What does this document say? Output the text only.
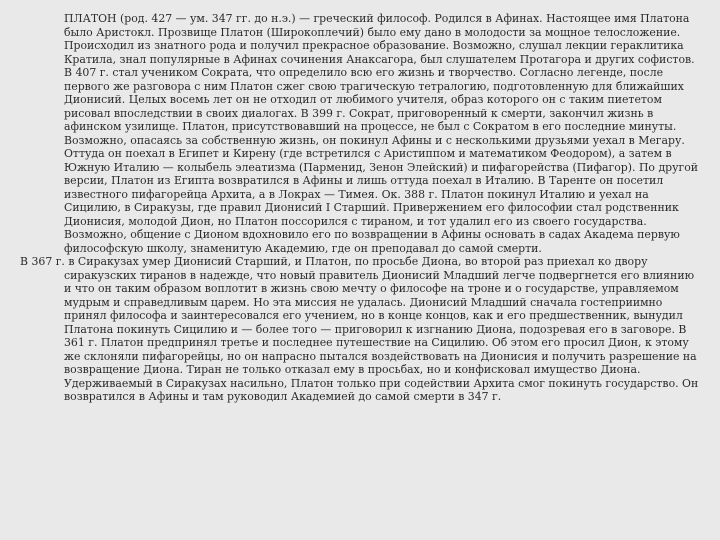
ПЛАТОН (род. 427 — ум. 347 гг. до н.э.) — греческий философ. Родился в Афинах. Настоящее имя Платона было Аристокл. Прозвище Платон (Широкоплечий) было ему дано в молодости за мощное телосложение. Происходил из знатного рода и получил прекрасное образование. Возможно, слушал лекции гераклитика Кратила, знал популярные в Афинах сочинения Анаксагора, был слушателем Протагора и других софистов. В 407 г. стал учеником Сократа, что определило всю его жизнь и творчество. Согласно легенде, после первого же разговора с ним Платон сжег свою трагическую тетралогию, подготовленную для ближайших Дионисий. Целых восемь лет он не отходил от любимого учителя, образ которого он с таким пиететом рисовал впоследствии в своих диалогах. В 399 г. Сократ, приговоренный к смерти, закончил жизнь в афинском узилище. Платон, присутствовавший на процессе, не был с Сократом в его последние минуты. Возможно, опасаясь за собственную жизнь, он покинул Афины и с несколькими друзьями уехал в Мегару. Оттуда он поехал в Египет и Кирену (где встретился с Аристиппом и математиком Феодором), а затем в Южную Италию — колыбель элеатизма (Парменид, Зенон Элейский) и пифагорейства (Пифагор). По другой версии, Платон из Египта возвратился в Афины и лишь оттуда поехал в Италию. В Таренте он посетил известного пифагорейца Архита, а в Локрах — Тимея. Ок. 388 г. Платон покинул Италию и уехал на Сицилию, в Сиракузы, где правил Дионисий I Старший. Привержением его философии стал родственник Дионисия, молодой Дион, но Платон поссорился с тираном, и тот удалил его из своего государства. Возможно, общение с Дионом вдохновило его по возвращении в Афины основать в садах Академа первую философскую школу, знаменитую Академию, где он преподавал до самой смерти.

В 367 г. в Сиракузах умер Дионисий Старший, и Платон, по просьбе Диона, во второй раз приехал ко двору сиракузских тиранов в надежде, что новый правитель Дионисий Младший легче подвергнется его влиянию и что он таким образом воплотит в жизнь свою мечту о философе на троне и о государстве, управляемом мудрым и справедливым царем. Но эта миссия не удалась. Дионисий Младший сначала гостеприимно принял философа и заинтересовался его учением, но в конце концов, как и его предшественник, вынудил Платона покинуть Сицилию и — более того — приговорил к изгнанию Диона, подозревая его в заговоре. В 361 г. Платон предпринял третье и последнее путешествие на Сицилию. Об этом его просил Дион, к этому же склоняли пифагорейцы, но он напрасно пытался воздействовать на Дионисия и получить разрешение на возвращение Диона. Тиран не только отказал ему в просьбах, но и конфисковал имущество Диона. Удерживаемый в Сиракузах насильно, Платон только при содействии Архита смог покинуть государство. Он возвратился в Афины и там руководил Академией до самой смерти в 347 г.
